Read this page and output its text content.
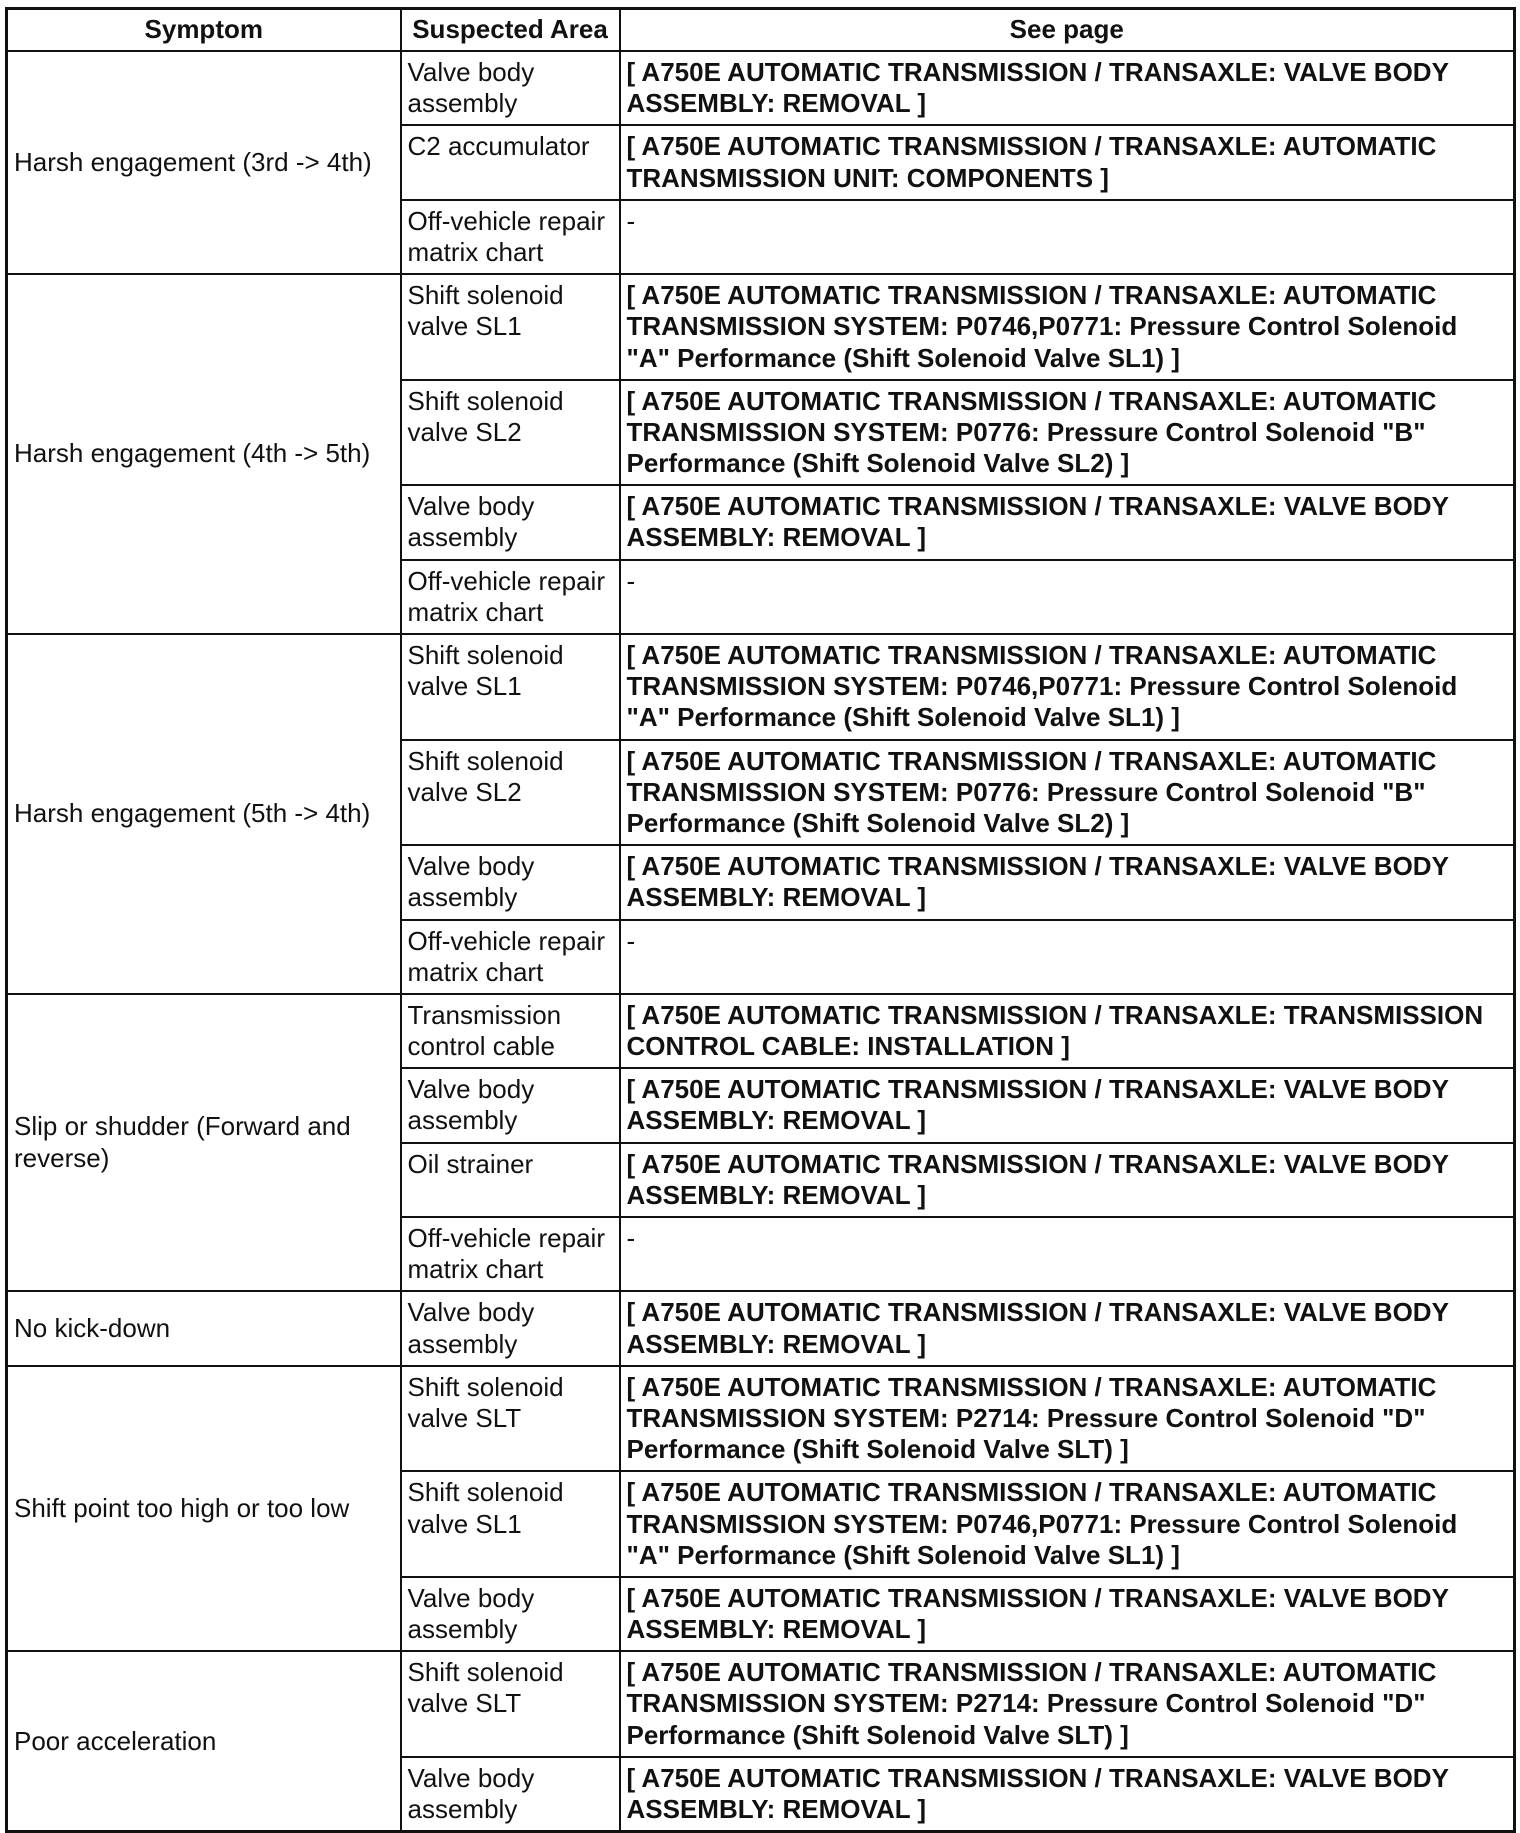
Symptom	Suspected Area	See page
Harsh engagement (3rd -> 4th)	Valve body assembly	[ A750E AUTOMATIC TRANSMISSION / TRANSAXLE: VALVE BODY ASSEMBLY: REMOVAL ]
	C2 accumulator	[ A750E AUTOMATIC TRANSMISSION / TRANSAXLE: AUTOMATIC TRANSMISSION UNIT: COMPONENTS ]
	Off-vehicle repair matrix chart	-
Harsh engagement (4th -> 5th)	Shift solenoid valve SL1	[ A750E AUTOMATIC TRANSMISSION / TRANSAXLE: AUTOMATIC TRANSMISSION SYSTEM: P0746,P0771: Pressure Control Solenoid "A" Performance (Shift Solenoid Valve SL1) ]
	Shift solenoid valve SL2	[ A750E AUTOMATIC TRANSMISSION / TRANSAXLE: AUTOMATIC TRANSMISSION SYSTEM: P0776: Pressure Control Solenoid "B" Performance (Shift Solenoid Valve SL2) ]
	Valve body assembly	[ A750E AUTOMATIC TRANSMISSION / TRANSAXLE: VALVE BODY ASSEMBLY: REMOVAL ]
	Off-vehicle repair matrix chart	-
Harsh engagement (5th -> 4th)	Shift solenoid valve SL1	[ A750E AUTOMATIC TRANSMISSION / TRANSAXLE: AUTOMATIC TRANSMISSION SYSTEM: P0746,P0771: Pressure Control Solenoid "A" Performance (Shift Solenoid Valve SL1) ]
	Shift solenoid valve SL2	[ A750E AUTOMATIC TRANSMISSION / TRANSAXLE: AUTOMATIC TRANSMISSION SYSTEM: P0776: Pressure Control Solenoid "B" Performance (Shift Solenoid Valve SL2) ]
	Valve body assembly	[ A750E AUTOMATIC TRANSMISSION / TRANSAXLE: VALVE BODY ASSEMBLY: REMOVAL ]
	Off-vehicle repair matrix chart	-
Slip or shudder (Forward and reverse)	Transmission control cable	[ A750E AUTOMATIC TRANSMISSION / TRANSAXLE: TRANSMISSION CONTROL CABLE: INSTALLATION ]
	Valve body assembly	[ A750E AUTOMATIC TRANSMISSION / TRANSAXLE: VALVE BODY ASSEMBLY: REMOVAL ]
	Oil strainer	[ A750E AUTOMATIC TRANSMISSION / TRANSAXLE: VALVE BODY ASSEMBLY: REMOVAL ]
	Off-vehicle repair matrix chart	-
No kick-down	Valve body assembly	[ A750E AUTOMATIC TRANSMISSION / TRANSAXLE: VALVE BODY ASSEMBLY: REMOVAL ]
Shift point too high or too low	Shift solenoid valve SLT	[ A750E AUTOMATIC TRANSMISSION / TRANSAXLE: AUTOMATIC TRANSMISSION SYSTEM: P2714: Pressure Control Solenoid "D" Performance (Shift Solenoid Valve SLT) ]
	Shift solenoid valve SL1	[ A750E AUTOMATIC TRANSMISSION / TRANSAXLE: AUTOMATIC TRANSMISSION SYSTEM: P0746,P0771: Pressure Control Solenoid "A" Performance (Shift Solenoid Valve SL1) ]
	Valve body assembly	[ A750E AUTOMATIC TRANSMISSION / TRANSAXLE: VALVE BODY ASSEMBLY: REMOVAL ]
Poor acceleration	Shift solenoid valve SLT	[ A750E AUTOMATIC TRANSMISSION / TRANSAXLE: AUTOMATIC TRANSMISSION SYSTEM: P2714: Pressure Control Solenoid "D" Performance (Shift Solenoid Valve SLT) ]
	Valve body assembly	[ A750E AUTOMATIC TRANSMISSION / TRANSAXLE: VALVE BODY ASSEMBLY: REMOVAL ]
